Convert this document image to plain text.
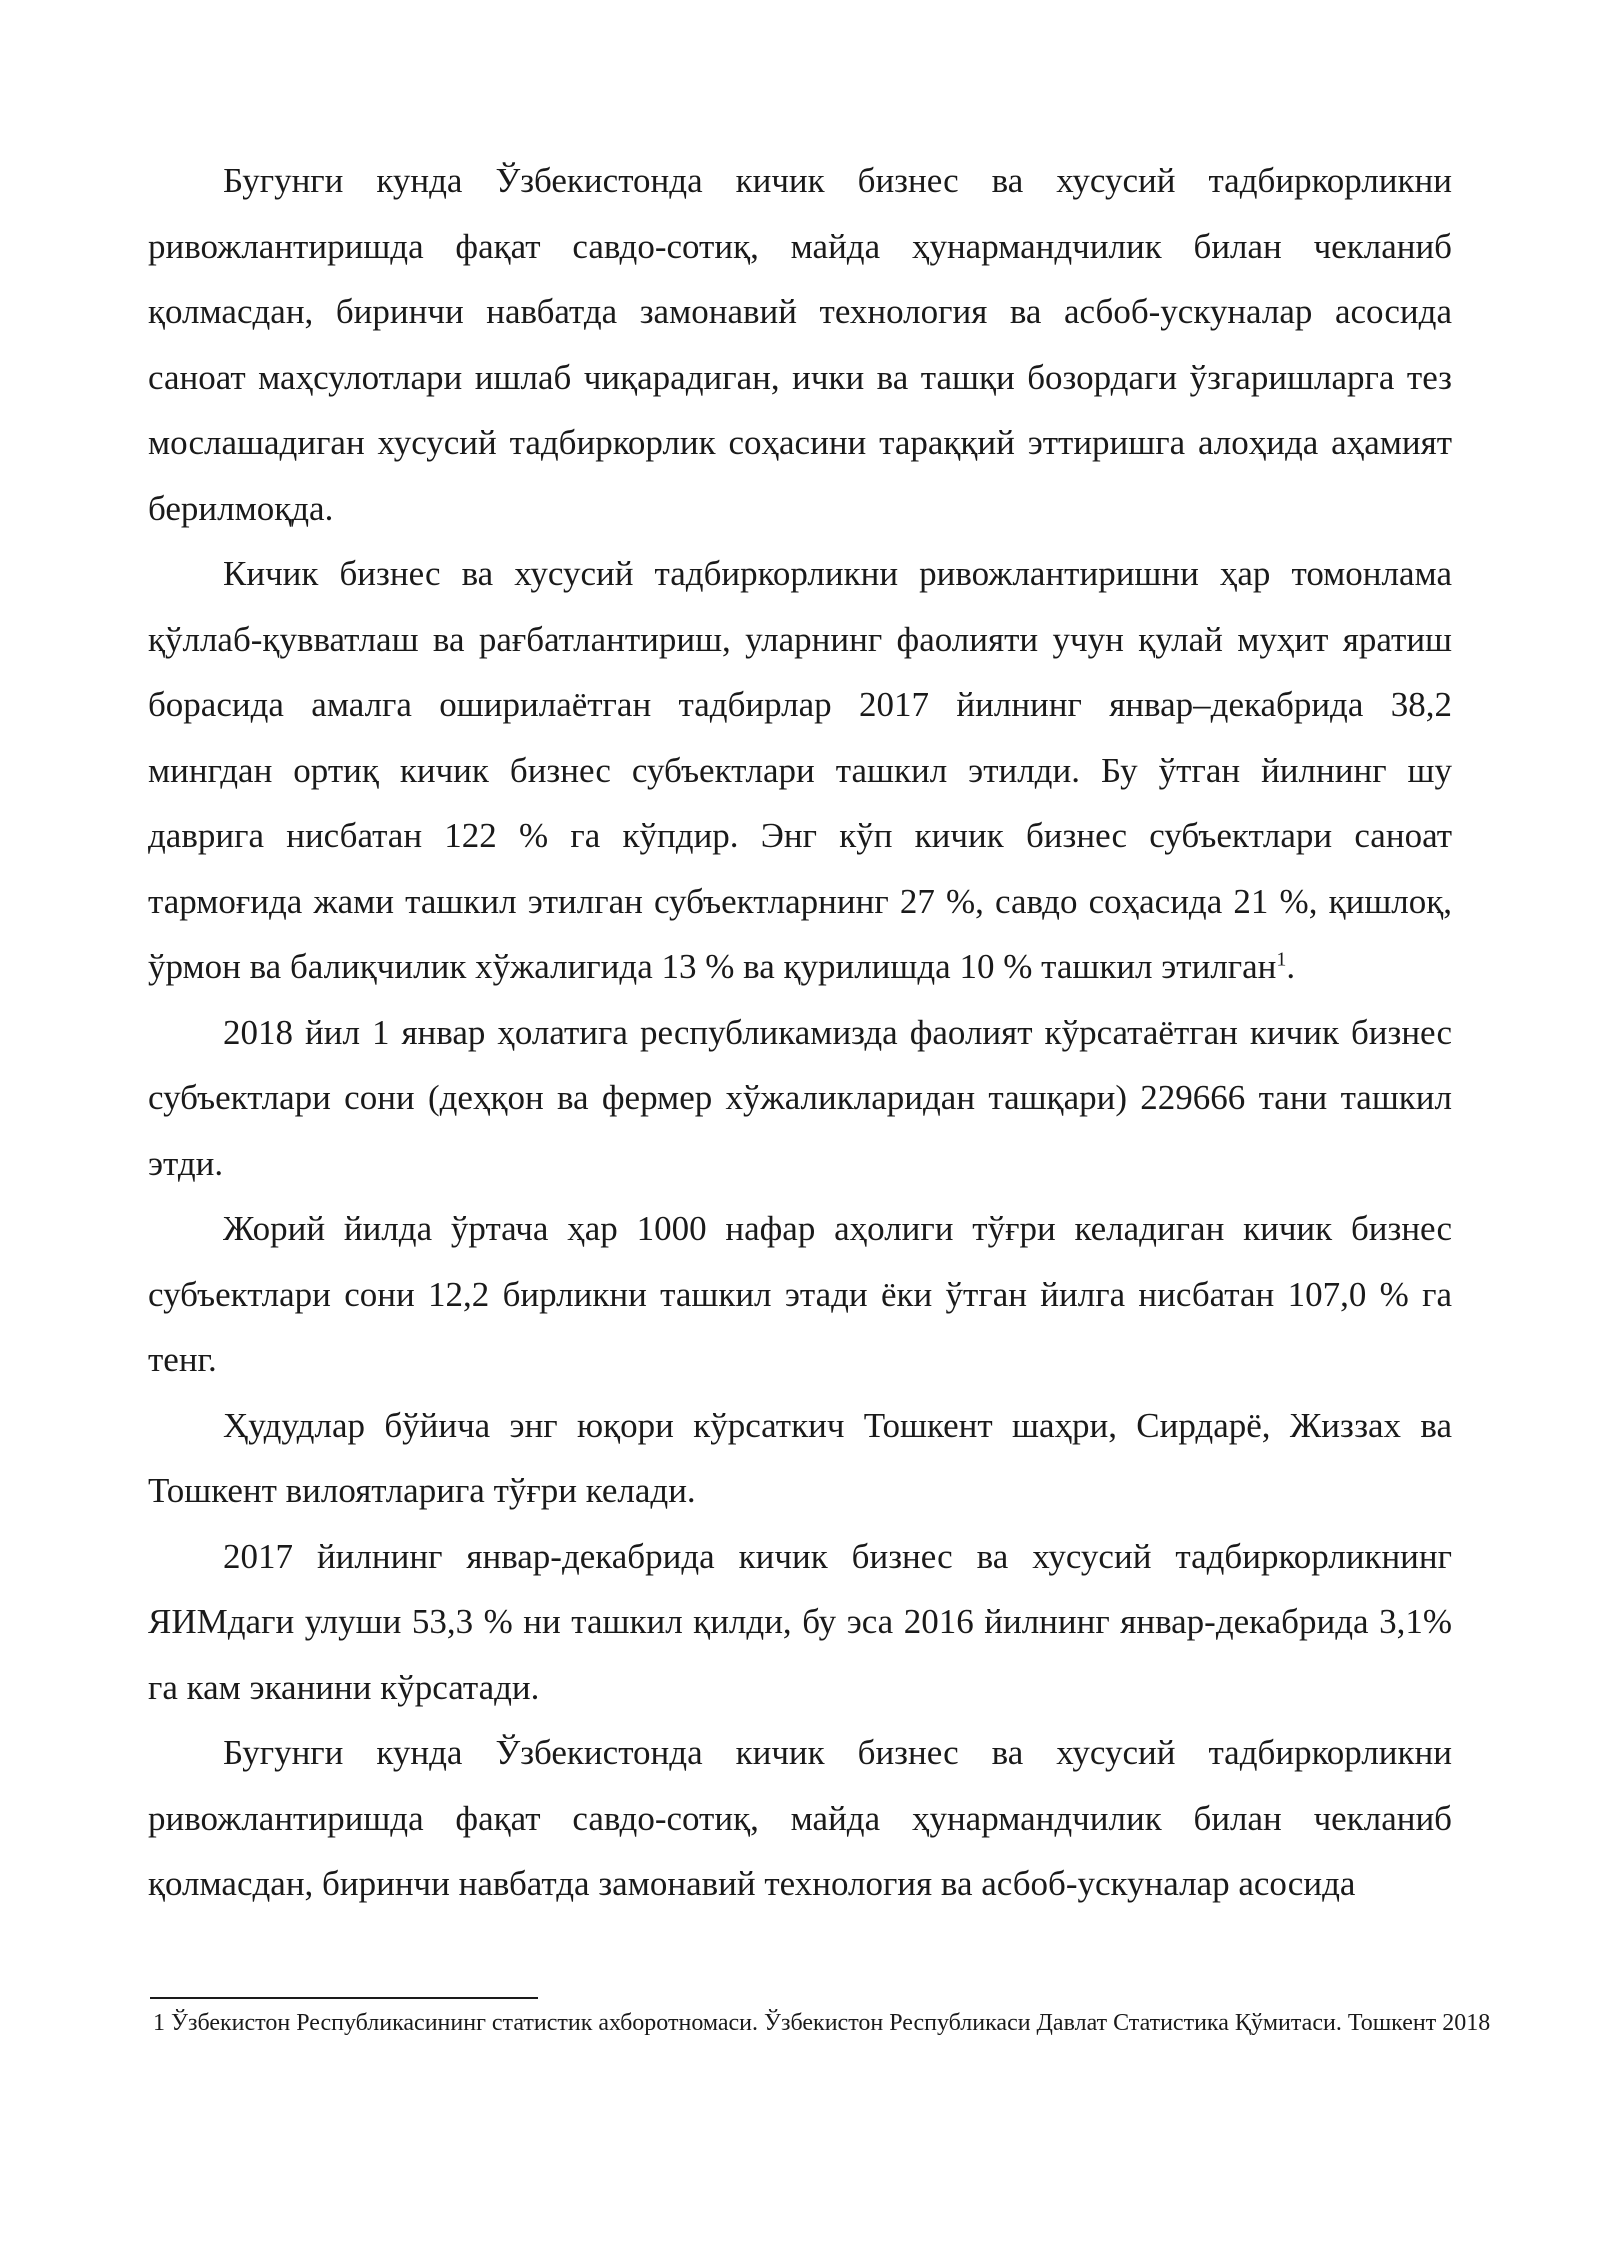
Бугунги кунда Ўзбекистонда кичик бизнес ва хусусий тадбиркорликни ривожлантиришда фақат савдо-сотиқ, майда ҳунармандчилик билан чекланиб қолмасдан, биринчи навбатда замонавий технология ва асбоб-ускуналар асосида саноат маҳсулотлари ишлаб чиқарадиган, ички ва ташқи бозордаги ўзгаришларга тез мослашадиган хусусий тадбиркорлик соҳасини тараққий эттиришга алоҳида аҳамият берилмоқда.

Кичик бизнес ва хусусий тадбиркорликни ривожлантиришни ҳар томонлама қўллаб-қувватлаш ва рағбатлантириш, уларнинг фаолияти учун қулай муҳит яратиш борасида амалга оширилаётган тадбирлар 2017 йилнинг январ–декабрида 38,2 мингдан ортиқ кичик бизнес субъектлари ташкил этилди. Бу ўтган йилнинг шу даврига нисбатан 122 % га кўпдир. Энг кўп кичик бизнес субъектлари саноат тармоғида жами ташкил этилган субъектларнинг 27 %, савдо соҳасида 21 %, қишлоқ, ўрмон ва балиқчилик хўжалигида 13 % ва қурилишда 10 % ташкил этилган$^1$.

2018 йил 1 январ ҳолатига республикамизда фаолият кўрсатаётган кичик бизнес субъектлари сони (деҳқон ва фермер хўжаликларидан ташқари) 229666 тани ташкил этди.

Жорий йилда ўртача ҳар 1000 нафар аҳолиги тўғри келадиган кичик бизнес субъектлари сони 12,2 бирликни ташкил этади ёки ўтган йилга нисбатан 107,0 % га тенг.

Ҳудудлар бўйича энг юқори кўрсаткич Тошкент шаҳри, Сирдарё, Жиззах ва Тошкент вилоятларига тўғри келади.

2017 йилнинг январ-декабрида кичик бизнес ва хусусий тадбиркорликнинг ЯИМдаги улуши 53,3 % ни ташкил қилди, бу эса 2016 йилнинг январ-декабрида 3,1% га кам эканини кўрсатади.

Бугунги кунда Ўзбекистонда кичик бизнес ва хусусий тадбиркорликни ривожлантиришда фақат савдо-сотиқ, майда ҳунармандчилик билан чекланиб қолмасдан, биринчи навбатда замонавий технология ва асбоб-ускуналар асосида

1 Ўзбекистон Республикасининг статистик ахборотномаси. Ўзбекистон Республикаси Давлат Статистика Қўмитаси. Тошкент 2018
